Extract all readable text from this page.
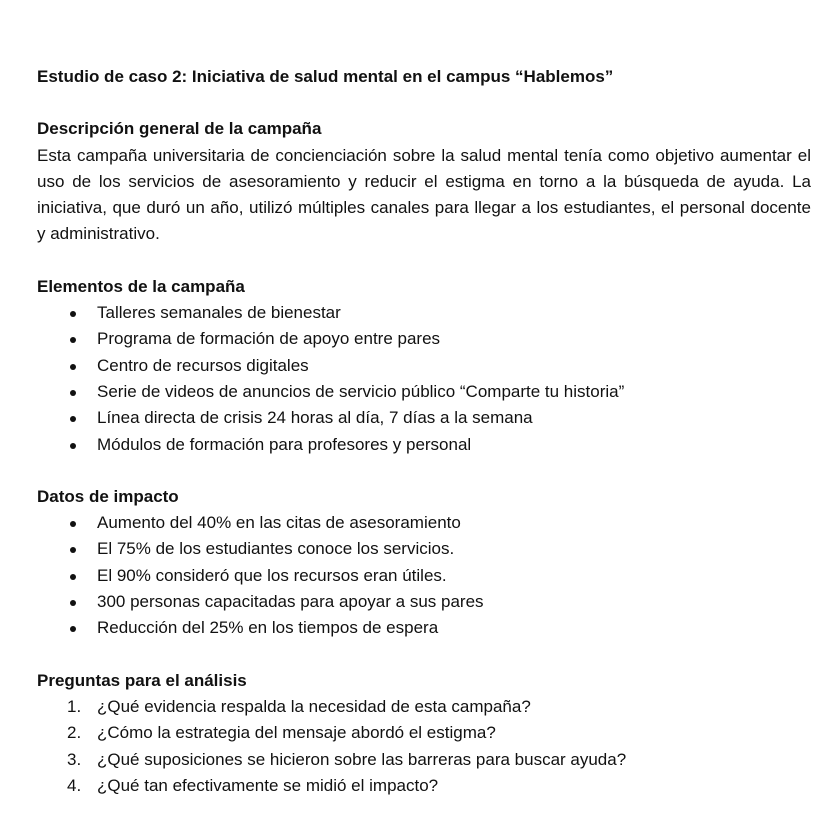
Estudio de caso 2: Iniciativa de salud mental en el campus “Hablemos”

Descripción general de la campaña

Esta campaña universitaria de concienciación sobre la salud mental tenía como objetivo aumentar el uso de los servicios de asesoramiento y reducir el estigma en torno a la búsqueda de ayuda. La iniciativa, que duró un año, utilizó múltiples canales para llegar a los estudiantes, el personal docente y administrativo.

Elementos de la campaña

Talleres semanales de bienestar
Programa de formación de apoyo entre pares
Centro de recursos digitales
Serie de videos de anuncios de servicio público “Comparte tu historia”
Línea directa de crisis 24 horas al día, 7 días a la semana
Módulos de formación para profesores y personal

Datos de impacto

Aumento del 40% en las citas de asesoramiento
El 75% de los estudiantes conoce los servicios.
El 90% consideró que los recursos eran útiles.
300 personas capacitadas para apoyar a sus pares
Reducción del 25% en los tiempos de espera

Preguntas para el análisis

1. ¿Qué evidencia respalda la necesidad de esta campaña?
2. ¿Cómo la estrategia del mensaje abordó el estigma?
3. ¿Qué suposiciones se hicieron sobre las barreras para buscar ayuda?
4. ¿Qué tan efectivamente se midió el impacto?
